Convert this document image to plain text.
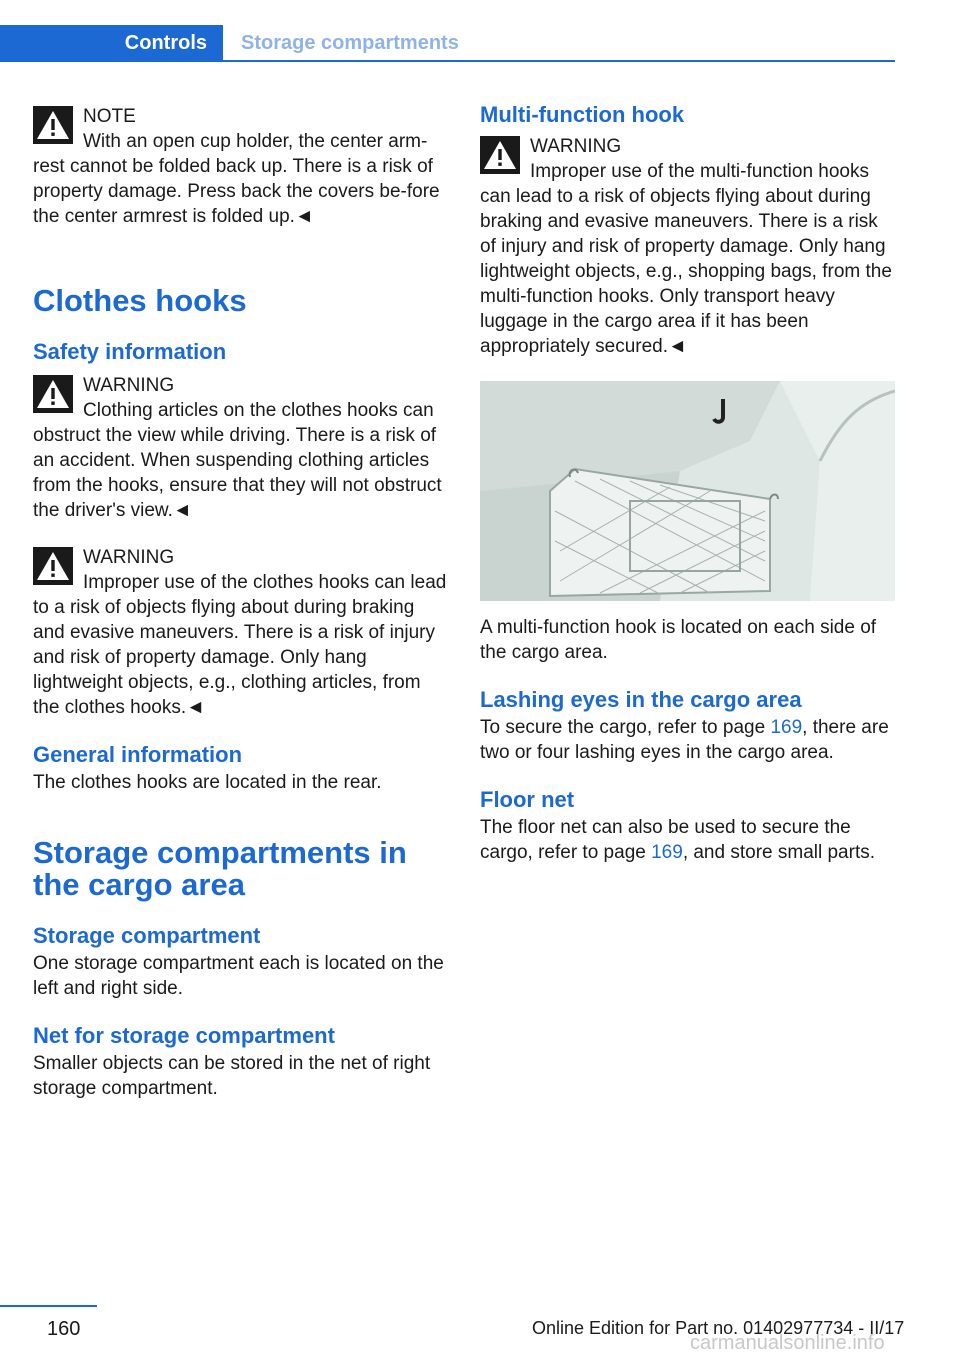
Controls Storage compartments
NOTE
With an open cup holder, the center arm‐rest cannot be folded back up. There is a risk of property damage. Press back the covers be‐fore the center armrest is folded up.◄
Clothes hooks
Safety information
WARNING
Clothing articles on the clothes hooks can obstruct the view while driving. There is a risk of an accident. When suspending clothing articles from the hooks, ensure that they will not obstruct the driver's view.◄
WARNING
Improper use of the clothes hooks can lead to a risk of objects flying about during braking and evasive maneuvers. There is a risk of injury and risk of property damage. Only hang lightweight objects, e.g., clothing articles, from the clothes hooks.◄
General information

The clothes hooks are located in the rear.

Storage compartments in the cargo area
Storage compartment

One storage compartment each is located on the left and right side.

Net for storage compartment

Smaller objects can be stored in the net of right storage compartment.

Multi-function hook
WARNING
Improper use of the multi-function hooks can lead to a risk of objects flying about during braking and evasive maneuvers. There is a risk of injury and risk of property damage. Only hang lightweight objects, e.g., shopping bags, from the multi-function hooks. Only transport heavy luggage in the cargo area if it has been appropriately secured.◄

A multi-function hook is located on each side of the cargo area.

Lashing eyes in the cargo area

To secure the cargo, refer to page 169, there are two or four lashing eyes in the cargo area.

Floor net

The floor net can also be used to secure the cargo, refer to page 169, and store small parts.

160	Online Edition for Part no. 01402977734 - II/17
carmanualsonline.info
